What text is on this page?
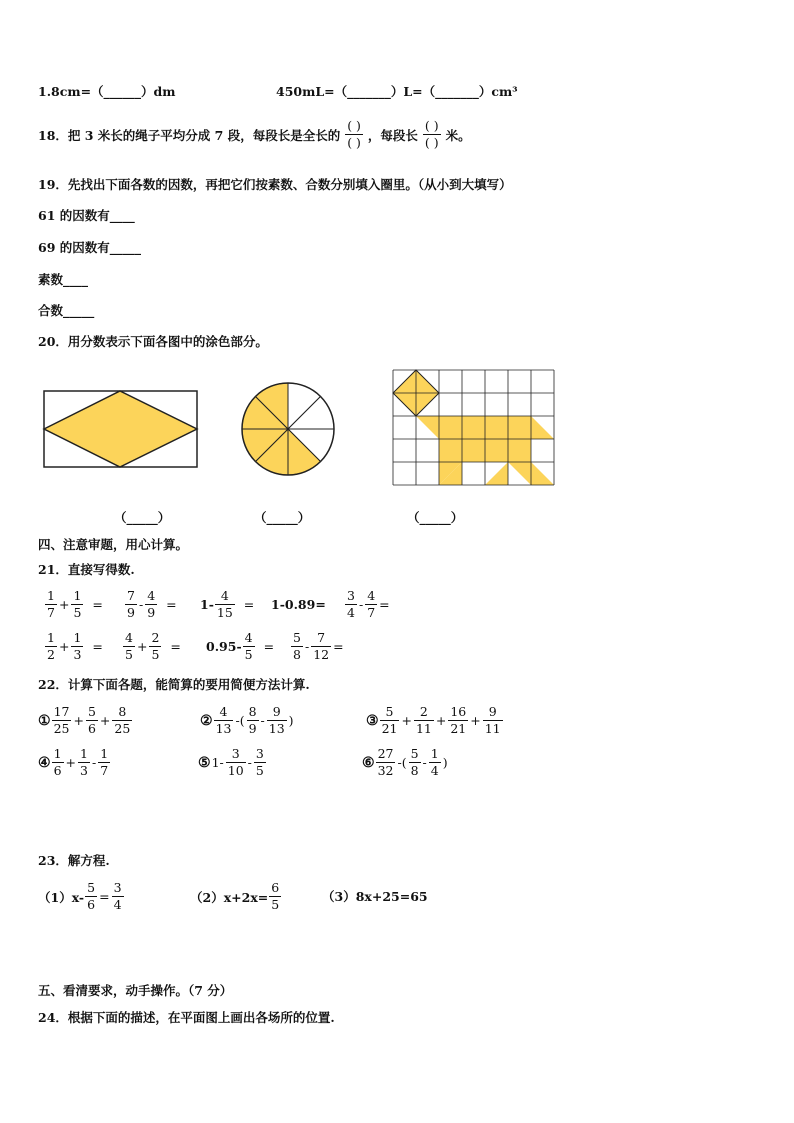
1.8cm=（______）dm	450mL=（_______）L=（_______）cm³
18．把 3 米长的绳子平均分成 7 段，每段长是全长的 $\frac{( )}{( )}$ ，每段长 $\frac{( )}{( )}$ 米。
19．先找出下面各数的因数，再把它们按素数、合数分别填入圈里。（从小到大填写）
61 的因数有____
69 的因数有_____
素数____
合数_____
20．用分数表示下面各图中的涂色部分。
（_____）	（_____）	（_____）
四、注意审题，用心计算。
21．直接写得数.
$\frac{1}{7} + \frac{1}{5} = \frac{7}{9} - \frac{4}{9} = 1- \frac{4}{15} = 1-0.89= \frac{3}{4} - \frac{4}{7}$ =
$\frac{1}{2} + \frac{1}{3} = \frac{4}{5} + \frac{2}{5} = 0.95- \frac{4}{5} = \frac{5}{8} - \frac{7}{12}$ =
22．计算下面各题，能简算的要用简便方法计算.
① $\frac{17}{25} + \frac{5}{6} + \frac{8}{25}$	② $\frac{4}{13}$ -( $\frac{8}{9} - \frac{9}{13}$ )	③ $\frac{5}{21} + \frac{2}{11} + \frac{16}{21} + \frac{9}{11}$
④ $\frac{1}{6} + \frac{1}{3} - \frac{1}{7}$	⑤1- $\frac{3}{10} - \frac{3}{5}$	⑥ $\frac{27}{32}$ -( $\frac{5}{8} - \frac{1}{4}$ )
23．解方程.
$(1)x- \frac{5}{6} = \frac{3}{4}$	$(2)x+2x= \frac{6}{5}$	（3）8x+25=65
五、看清要求，动手操作。（7 分）
24．根据下面的描述，在平面图上画出各场所的位置.
